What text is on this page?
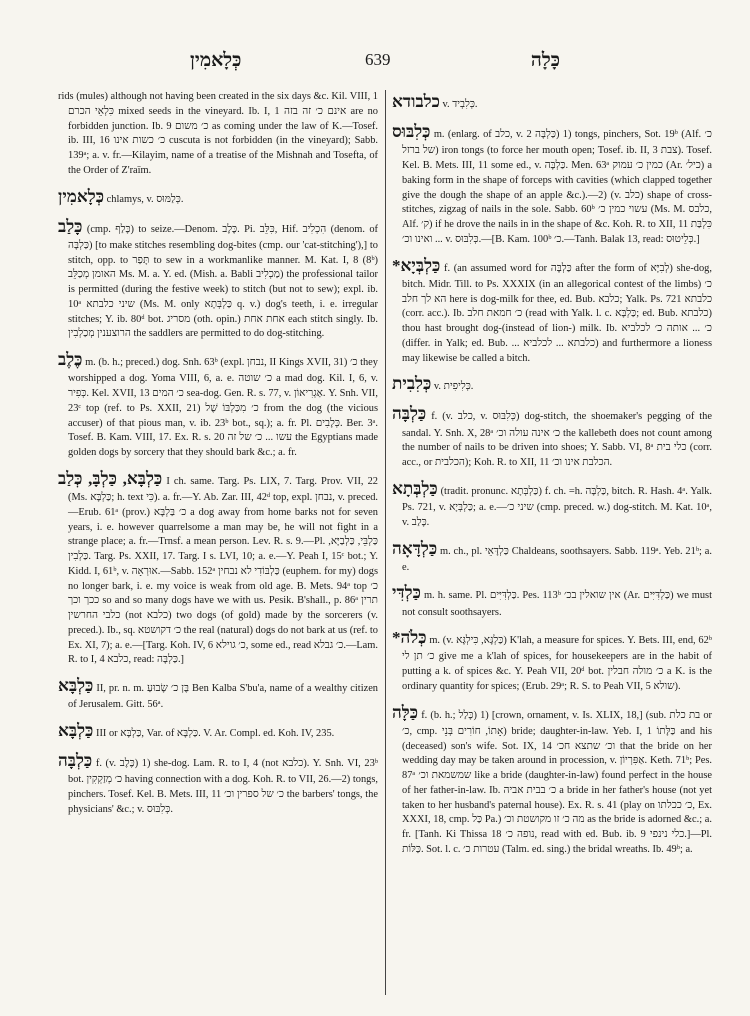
כְּלָאמִין	639	כָּלָה

rids (mules) although not having been created in the six days &c. Kil. VIII, 1 כִּלְאֵי הכרם mixed seeds in the vineyard. Ib. I, 1 אינם כ׳ זה בזה are no forbidden junction. Ib. 9 כ׳ משום as coming under the law of K.—Tosef. ib. III, 16 כ׳ כשות אינו cuscuta is not forbidden (in the vineyard); Sabb. 139ᵃ; a. v. fr.—Kilayim, name of a treatise of the Mishnah and Tosefta, of the Order of Z'raïm.

כְּלָאמִין chlamys, v. כְּלַמּוּס.

כָּלַב (cmp. כָּלַף) to seize.—Denom. כֶּלֶב. Pi. כִּלֵּב, Hif. הִכְלִיב (denom. of כַּלְבָּה) [to make stitches resembling dog-bites (cmp. our 'cat-stitching'),] to stitch, opp. to תָּפַר to sew in a workmanlike manner. M. Kat. I, 8 (8ᵇ) האומן מְכַלֵּב Ms. M. a. Y. ed. (Mish. a. Babli מַכְלִיב) the professional tailor is permitted (during the festive week) to stitch (but not to sew); expl. ib. 10ᵃ שיני כלבתא (Ms. M. only כַּלְבְּתָא q. v.) dog's teeth, i. e. irregular stitches; Y. ib. 80ᵈ bot. מסריג (oth. opin.) אחת אחת each stitch singly. Ib. הרוצענין מְכַלְבִין the saddlers are permitted to do dog-stitching.

כֶּלֶב m. (b. h.; preced.) dog. Snh. 63ᵇ (expl. נבחן, II Kings XVII, 31) כ׳ they worshipped a dog. Yoma VIII, 6, a. e. כ׳ שוטה a mad dog. Kil. I, 6, v. כְּפִיר. Kel. XVII, 13 כ׳ המים sea-dog. Gen. R. s. 77, v. אַגְרִיאוֹן. Y. Snh. VII, 23ᶜ top (ref. to Ps. XXII, 21) כ׳ מִכַּלְבּוֹ שֶׁל from the dog (the vicious accuser) of that pious man, v. ib. 23ᵇ bot., sq.); a. fr. Pl. כְּלָבִים. Ber. 3ᵃ. Tosef. B. Kam. VIII, 17. Ex. R. s. 20 עשו ... כ׳ של זה the Egyptians made golden dogs by sorcery that they should bark &c.; a. fr.

כַּלְבָּא, כַּלְבָּ, כְּלַב I ch. same. Targ. Ps. LIX, 7. Targ. Prov. VII, 22 (Ms. כַּלְבָּא; h. text כִּי). a. fr.—Y. Ab. Zar. III, 42ᵈ top, expl. נבחן, v. preced.—Erub. 61ᵃ (prov.) כ׳ בַּלְבָּא a dog away from home barks not for seven years, i. e. however quarrelsome a man may be, he will not fight in a strange place; a. fr.—Trnsf. a mean person. Lev. R. s. 9.—Pl. כַּלְבֵּי, כַּלְבַיָּא, כַּלְבִין. Targ. Ps. XXII, 17. Targ. I s. LVI, 10; a. e.—Y. Peah I, 15ᶜ bot.; Y. Kidd. I, 61ᵇ, v. אוּרְאָה.—Sabb. 152ᵃ כַּלְבּוֹדִי לא נבחין (euphem. for my) dogs no longer bark, i. e. my voice is weak from old age. B. Mets. 94ᵃ top כ׳ ככך וכך so and so many dogs have we with us. Pesik. B'shall., p. 86ᵃ תרין כלבי החרשין (not כלבא) two dogs (of gold) made by the sorcerers (v. preced.). Ib., sq. כ׳ דקושטא the real (natural) dogs do not bark at us (ref. to Ex. XI, 7); a. e.—[Targ. Koh. IV, 6 כ׳ גוילא, some ed., read כ׳ גבלא.—Lam. R. to I, 4 כלבא, read: כַּלְבָּה.]

כַּלְבָּא II, pr. n. m. בֶּן כ׳ שָׂבוּעַ Ben Kalba S'bu'a, name of a wealthy citizen of Jerusalem. Gitt. 56ᵃ.

כַּלְבָּא III or כַּלְבָּא, Var. of כַּלְבָּא. V. Ar. Compl. ed. Koh. IV, 235.

כַּלְבָּה f. (v. כֶּלֶב) 1) she-dog. Lam. R. to I, 4 (not כלבא). Y. Snh. VI, 23ᵇ bot. כ׳ מְזַקְקִין having connection with a dog. Koh. R. to VII, 26.—2) tongs, pinchers. Tosef. Kel. B. Mets. III, 11 כ׳ של ספרין וכ׳ the barbers' tongs, the physicians' &c.; v. כְּלִבּוּס.

כלבודא v. כְּלִבְיד.

כְּלִבּוּס m. (enlarg. of כלב, v. כַּלְבָּה 2) 1) tongs, pinchers, Sot. 19ᵇ (Alf. כ׳ של ברזל) iron tongs (to force her mouth open; Tosef. ib. II, 3 צבת). Tosef. Kel. B. Mets. III, 11 some ed., v. כַּלְבָּה. Men. 63ᵃ כמין כ׳ עמוק (Ar. כיל׳) a baking form in the shape of forceps with cavities (which clapped together give the dough the shape of an apple &c.).—2) (v. כלב) shape of cross-stitches, zigzag of nails in the sole. Sabb. 60ᵇ עשוי כמין כ׳ (Ms. M. כלבס, Alf. ק׳) if he drove the nails in in the shape of &c. Koh. R. to XII, 11 כִּלְבַּת ... ואינו וכ׳ v. כְּלִבּוּס.—[B. Kam. 100ᵇ כ׳.—Tanh. Balak 13, read: כְּלֵיטוּס.]

*כַּלְבְּיָא f. (an assumed word for כַּלְבָּה after the form of לְבִיָּא) she-dog, bitch. Midr. Till. to Ps. XXXIX (in an allegorical contest of the limbs) כ׳ הא לך חלב here is dog-milk for thee, ed. Bub. כלבא; Yalk. Ps. 721 כלבתא (corr. acc.). Ib. כ׳ חמאת חלב (read with Yalk. l. c. כַּלְבָּא; ed. Bub. כלבתא) thou hast brought dog-(instead of lion-) milk. Ib. כ׳ ... אותה כ׳ לכלביא (differ. in Yalk; ed. Bub. ... כלבתא ... לכלביא) and furthermore a lioness may likewise be called a bitch.

כְּלִבִית v. כְּלִיפִית.

כַּלְבָּה f. (v. כלב, v. כְּלִבּוּס) dog-stitch, the shoemaker's pegging of the sandal. Y. Snh. X, 28ᵃ כ׳ אינה עולה וכ׳ the kallebeth does not count among the number of nails to be driven into shoes; Y. Sabb. VI, 8ᵃ כלי בית (corr. acc., or הכלבית); Koh. R. to XII, 11 הכלבת אינו וכ׳.

כַּלְבְּתָא (tradit. pronunc. כַּלְבְּתָא) f. ch. =h. כַּלְבָּה, bitch. R. Hash. 4ᵃ. Yalk. Ps. 721, v. כַּלְבְּיָא; a. e.—שיני כ׳ (cmp. preced. w.) dog-stitch. M. Kat. 10ᵃ, v. כָּלַב.

כַּלְדָּאָה m. ch., pl. כַּלְדָּאֵי Chaldeans, soothsayers. Sabb. 119ᵃ. Yeb. 21ᵇ; a. e.

כַּלְדִּי m. h. same. Pl. כַּלְדִּיִּים. Pes. 113ᵇ אין שואלין בכ׳ (Ar. כַּלְדִּיִּים) we must not consult soothsayers.

*כְּלֹה m. (v. כַּלְגָּא, כִּילְגָּא) K'lah, a measure for spices. Y. Bets. III, end, 62ᵇ כ׳ תן לי give me a k'lah of spices, for housekeepers are in the habit of putting a k. of spices &c. Y. Peah VII, 20ᵈ bot. כ׳ מולה חבלין a K. is the ordinary quantity for spices; (Erub. 29ᵃ; R. S. to Peah VII, 5 שולא).

כַּלָּה f. (b. h.; כָּלַל) 1) [crown, ornament, v. Is. XLIX, 18,] (sub. בת כלת or כ׳, cmp. אָתוֹ, חוֹרִים בְּנֵי) bride; daughter-in-law. Yeb. I, 1 כַּלָּתוֹ and his (deceased) son's wife. Sot. IX, 14 וכ׳ שתצא חכ׳ that the bride on her wedding day may be taken around in procession, v. אַפִּרְיוֹן. Keth. 71ᵇ; Pes. 87ᵃ שמשמאת וכ׳ like a bride (daughter-in-law) found perfect in the house of her father-in-law. Ib. כ׳ בבית אביה a bride in her father's house (not yet taken to her husband's paternal house). Ex. R. s. 41 (play on כ׳ ככלתו, Ex. XXXI, 18, cmp. כַּל Pa.) מה כ׳ זו מקושטת וכ׳ as the bride is adorned &c.; a. fr. [Tanh. Ki Thissa 18 נופה כ׳, read with ed. Bub. ib. 9 כלי נינפי.]—Pl. כַּלּוֹת. Sot. l. c. עטרות כ׳ (Talm. ed. sing.) the bridal wreaths. Ib. 49ᵇ; a.
